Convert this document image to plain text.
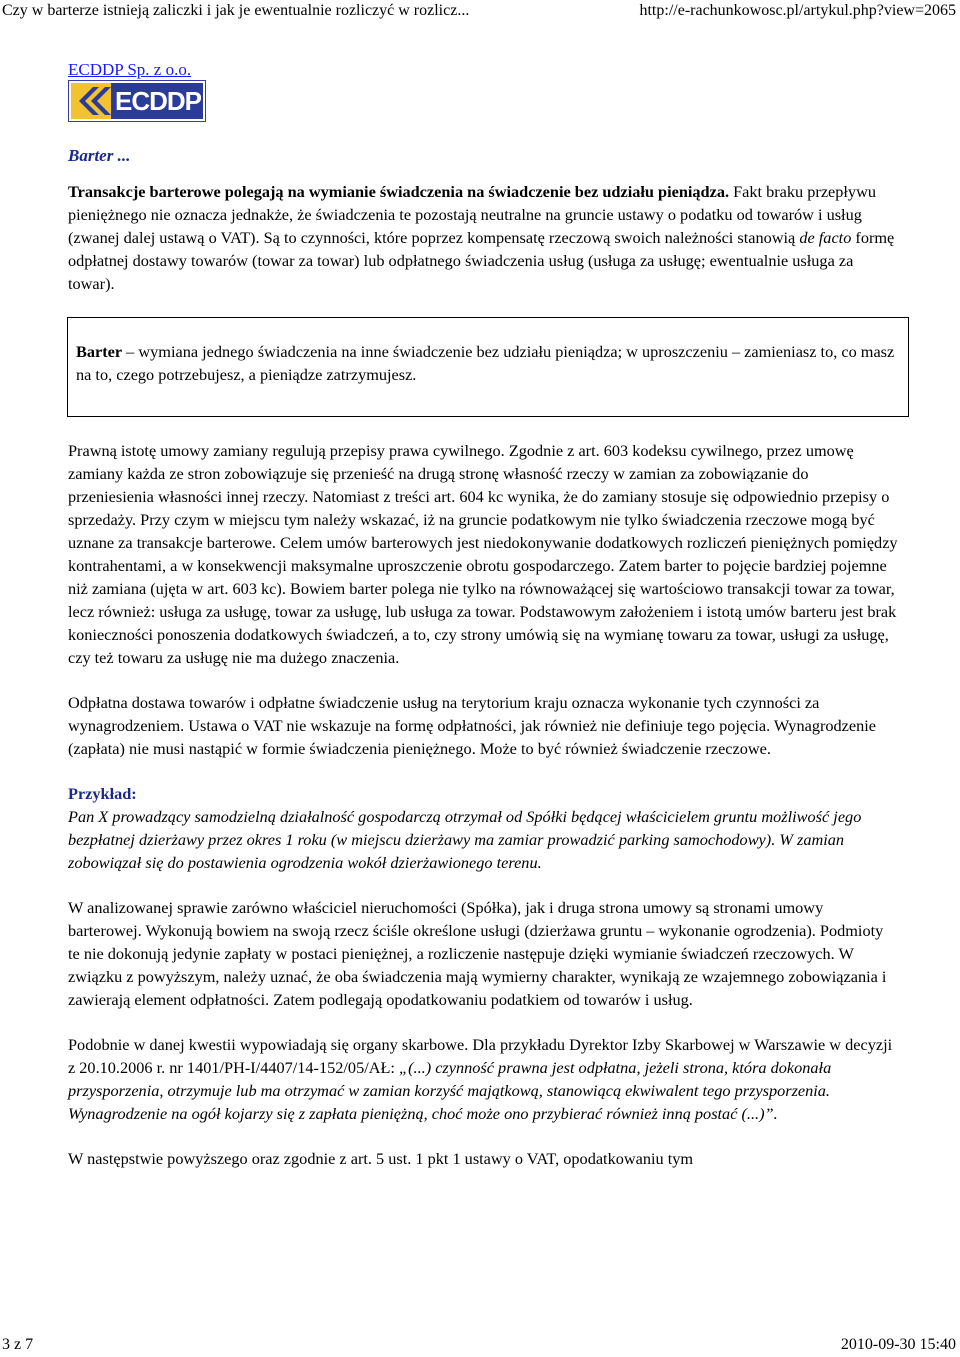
Czy w barterze istnieją zaliczki i jak je ewentualnie rozliczyć w rozlicz...	http://e-rachunkowosc.pl/artykul.php?view=2065
ECDDP Sp. z o.o.
ECDDP
Barter ...

Transakcje barterowe polegają na wymianie świadczenia na świadczenie bez udziału pieniądza. Fakt braku przepływu pieniężnego nie oznacza jednakże, że świadczenia te pozostają neutralne na gruncie ustawy o podatku od towarów i usług (zwanej dalej ustawą o VAT). Są to czynności, które poprzez kompensatę rzeczową swoich należności stanowią de facto formę odpłatnej dostawy towarów (towar za towar) lub odpłatnego świadczenia usług (usługa za usługę; ewentualnie usługa za towar).

Barter – wymiana jednego świadczenia na inne świadczenie bez udziału pieniądza; w uproszczeniu – zamieniasz to, co masz na to, czego potrzebujesz, a pieniądze zatrzymujesz.

Prawną istotę umowy zamiany regulują przepisy prawa cywilnego. Zgodnie z art. 603 kodeksu cywilnego, przez umowę zamiany każda ze stron zobowiązuje się przenieść na drugą stronę własność rzeczy w zamian za zobowiązanie do przeniesienia własności innej rzeczy. Natomiast z treści art. 604 kc wynika, że do zamiany stosuje się odpowiednio przepisy o sprzedaży. Przy czym w miejscu tym należy wskazać, iż na gruncie podatkowym nie tylko świadczenia rzeczowe mogą być uznane za transakcje barterowe. Celem umów barterowych jest niedokonywanie dodatkowych rozliczeń pieniężnych pomiędzy kontrahentami, a w konsekwencji maksymalne uproszczenie obrotu gospodarczego. Zatem barter to pojęcie bardziej pojemne niż zamiana (ujęta w art. 603 kc). Bowiem barter polega nie tylko na równoważącej się wartościowo transakcji towar za towar, lecz również: usługa za usługę, towar za usługę, lub usługa za towar. Podstawowym założeniem i istotą umów barteru jest brak konieczności ponoszenia dodatkowych świadczeń, a to, czy strony umówią się na wymianę towaru za towar, usługi za usługę, czy też towaru za usługę nie ma dużego znaczenia.

Odpłatna dostawa towarów i odpłatne świadczenie usług na terytorium kraju oznacza wykonanie tych czynności za wynagrodzeniem. Ustawa o VAT nie wskazuje na formę odpłatności, jak również nie definiuje tego pojęcia. Wynagrodzenie (zapłata) nie musi nastąpić w formie świadczenia pieniężnego. Może to być również świadczenie rzeczowe.

Przykład:
Pan X prowadzący samodzielną działalność gospodarczą otrzymał od Spółki będącej właścicielem gruntu możliwość jego bezpłatnej dzierżawy przez okres 1 roku (w miejscu dzierżawy ma zamiar prowadzić parking samochodowy). W zamian zobowiązał się do postawienia ogrodzenia wokół dzierżawionego terenu.

W analizowanej sprawie zarówno właściciel nieruchomości (Spółka), jak i druga strona umowy są stronami umowy barterowej. Wykonują bowiem na swoją rzecz ściśle określone usługi (dzierżawa gruntu – wykonanie ogrodzenia). Podmioty te nie dokonują jedynie zapłaty w postaci pieniężnej, a rozliczenie następuje dzięki wymianie świadczeń rzeczowych. W związku z powyższym, należy uznać, że oba świadczenia mają wymierny charakter, wynikają ze wzajemnego zobowiązania i zawierają element odpłatności. Zatem podlegają opodatkowaniu podatkiem od towarów i usług.

Podobnie w danej kwestii wypowiadają się organy skarbowe. Dla przykładu Dyrektor Izby Skarbowej w Warszawie w decyzji z 20.10.2006 r. nr 1401/PH-I/4407/14-152/05/AŁ: „(...) czynność prawna jest odpłatna, jeżeli strona, która dokonała przysporzenia, otrzymuje lub ma otrzymać w zamian korzyść majątkową, stanowiącą ekwiwalent tego przysporzenia. Wynagrodzenie na ogół kojarzy się z zapłata pieniężną, choć może ono przybierać również inną postać (...)”.

W następstwie powyższego oraz zgodnie z art. 5 ust. 1 pkt 1 ustawy o VAT, opodatkowaniu tym

3 z 7	2010-09-30 15:40
